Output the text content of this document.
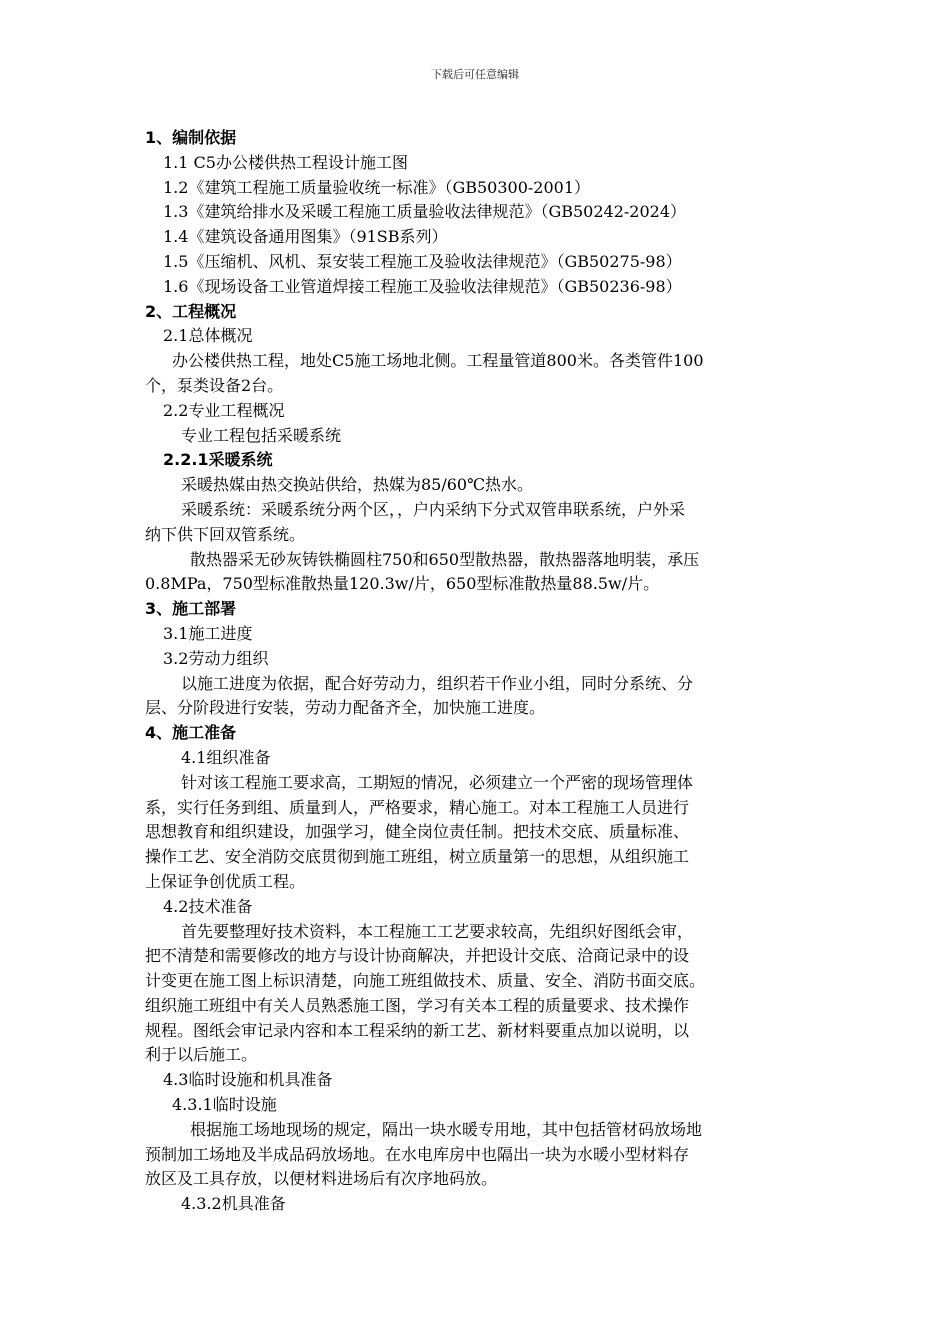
下载后可任意编辑

1、编制依据

1.1 C5办公楼供热工程设计施工图

1.2《建筑工程施工质量验收统一标准》（GB50300-2001）

1.3《建筑给排水及采暖工程施工质量验收法律规范》（GB50242-2024）

1.4《建筑设备通用图集》（91SB系列）

1.5《压缩机、风机、泵安装工程施工及验收法律规范》（GB50275-98）

1.6《现场设备工业管道焊接工程施工及验收法律规范》（GB50236-98）

2、工程概况

2.1总体概况

办公楼供热工程，地处C5施工场地北侧。工程量管道800米。各类管件100

个，泵类设备2台。

2.2专业工程概况

专业工程包括采暖系统

2.2.1采暖系统

采暖热媒由热交换站供给，热媒为85/60℃热水。

采暖系统：采暖系统分两个区，，户内采纳下分式双管串联系统，户外采

纳下供下回双管系统。

散热器采无砂灰铸铁椭圆柱750和650型散热器，散热器落地明装，承压

0.8MPa，750型标准散热量120.3w/片，650型标准散热量88.5w/片。

3、施工部署

3.1施工进度

3.2劳动力组织

以施工进度为依据，配合好劳动力，组织若干作业小组，同时分系统、分

层、分阶段进行安装，劳动力配备齐全，加快施工进度。

4、施工准备

4.1组织准备

针对该工程施工要求高，工期短的情况，必须建立一个严密的现场管理体

系，实行任务到组、质量到人，严格要求，精心施工。对本工程施工人员进行

思想教育和组织建设，加强学习，健全岗位责任制。把技术交底、质量标准、

操作工艺、安全消防交底贯彻到施工班组，树立质量第一的思想，从组织施工

上保证争创优质工程。

4.2技术准备

首先要整理好技术资料，本工程施工工艺要求较高，先组织好图纸会审，

把不清楚和需要修改的地方与设计协商解决，并把设计交底、洽商记录中的设

计变更在施工图上标识清楚，向施工班组做技术、质量、安全、消防书面交底。

组织施工班组中有关人员熟悉施工图，学习有关本工程的质量要求、技术操作

规程。图纸会审记录内容和本工程采纳的新工艺、新材料要重点加以说明，以

利于以后施工。

4.3临时设施和机具准备

4.3.1临时设施

根据施工场地现场的规定，隔出一块水暖专用地，其中包括管材码放场地

预制加工场地及半成品码放场地。在水电库房中也隔出一块为水暖小型材料存

放区及工具存放，以便材料进场后有次序地码放。

4.3.2机具准备
